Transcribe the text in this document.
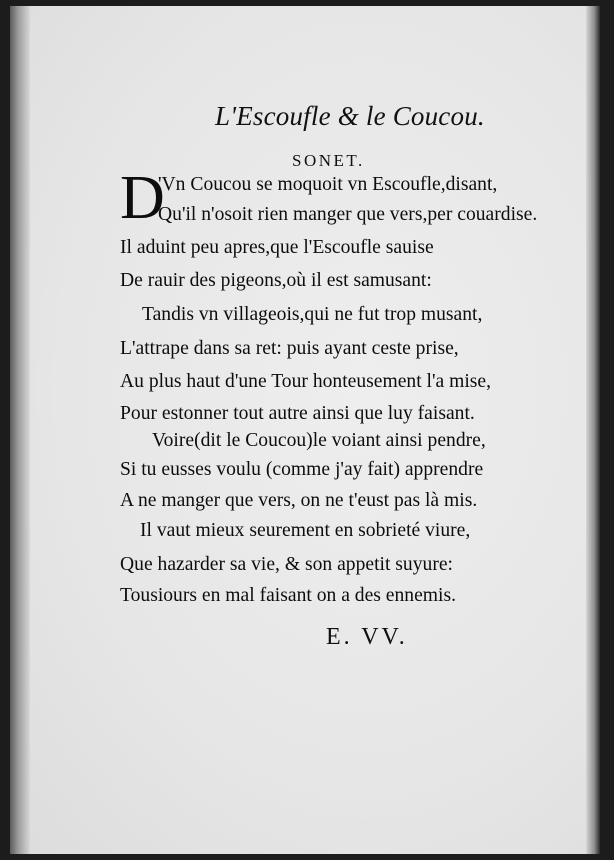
L'Escoufle & le Coucou.
SONET.
D
'Vn Coucou se moquoit vn Escoufle,disant,
Qu'il n'osoit rien manger que vers,per couardise.
Il aduint peu apres,que l'Escoufle sauise
De rauir des pigeons,où il est samusant:
Tandis vn villageois,qui ne fut trop musant,
L'attrape dans sa ret: puis ayant ceste prise,
Au plus haut d'une Tour honteusement l'a mise,
Pour estonner tout autre ainsi que luy faisant.
Voire(dit le Coucou)le voiant ainsi pendre,
Si tu eusses voulu (comme j'ay fait) apprendre
A ne manger que vers, on ne t'eust pas là mis.
Il vaut mieux seurement en sobrieté viure,
Que hazarder sa vie, & son appetit suyure:
Tousiours en mal faisant on a des ennemis.
E. VV.
